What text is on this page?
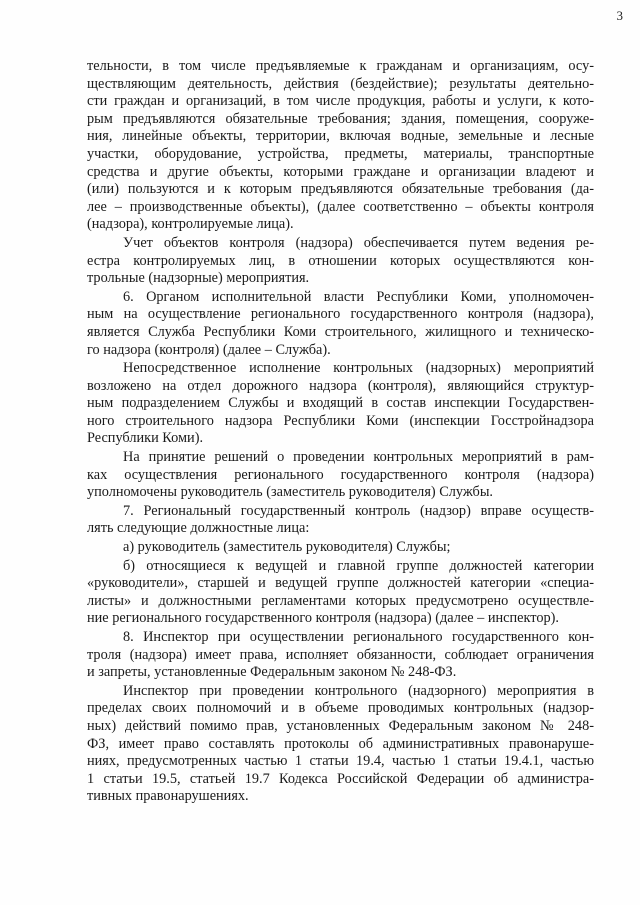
3
тельности, в том числе предъявляемые к гражданам и организациям, осу-
ществляющим деятельность, действия (бездействие); результаты деятельно-
сти граждан и организаций, в том числе продукция, работы и услуги, к кото-
рым предъявляются обязательные требования; здания, помещения, сооруже-
ния, линейные объекты, территории, включая водные, земельные и лесные
участки, оборудование, устройства, предметы, материалы, транспортные
средства и другие объекты, которыми граждане и организации владеют и
(или) пользуются и к которым предъявляются обязательные требования (да-
лее – производственные объекты), (далее соответственно – объекты контроля
(надзора), контролируемые лица).
Учет объектов контроля (надзора) обеспечивается путем ведения ре-
естра контролируемых лиц, в отношении которых осуществляются кон-
трольные (надзорные) мероприятия.
6. Органом исполнительной власти Республики Коми, уполномочен-
ным на осуществление регионального государственного контроля (надзора),
является Служба Республики Коми строительного, жилищного и техническо-
го надзора (контроля) (далее – Служба).
Непосредственное исполнение контрольных (надзорных) мероприятий
возложено на отдел дорожного надзора (контроля), являющийся структур-
ным подразделением Службы и входящий в состав инспекции Государствен-
ного строительного надзора Республики Коми (инспекции Госстройнадзора
Республики Коми).
На принятие решений о проведении контрольных мероприятий в рам-
ках осуществления регионального государственного контроля (надзора)
уполномочены руководитель (заместитель руководителя) Службы.
7. Региональный государственный контроль (надзор) вправе осуществ-
лять следующие должностные лица:
а) руководитель (заместитель руководителя) Службы;
б) относящиеся к ведущей и главной группе должностей категории
«руководители», старшей и ведущей группе должностей категории «специа-
листы» и должностными регламентами которых предусмотрено осуществле-
ние регионального государственного контроля (надзора) (далее – инспектор).
8. Инспектор при осуществлении регионального государственного кон-
троля (надзора) имеет права, исполняет обязанности, соблюдает ограничения
и запреты, установленные Федеральным законом № 248-ФЗ.
Инспектор при проведении контрольного (надзорного) мероприятия в
пределах своих полномочий и в объеме проводимых контрольных (надзор-
ных) действий помимо прав, установленных Федеральным законом № 248-
ФЗ, имеет право составлять протоколы об административных правонаруше-
ниях, предусмотренных частью 1 статьи 19.4, частью 1 статьи 19.4.1, частью
1 статьи 19.5, статьей 19.7 Кодекса Российской Федерации об администра-
тивных правонарушениях.
